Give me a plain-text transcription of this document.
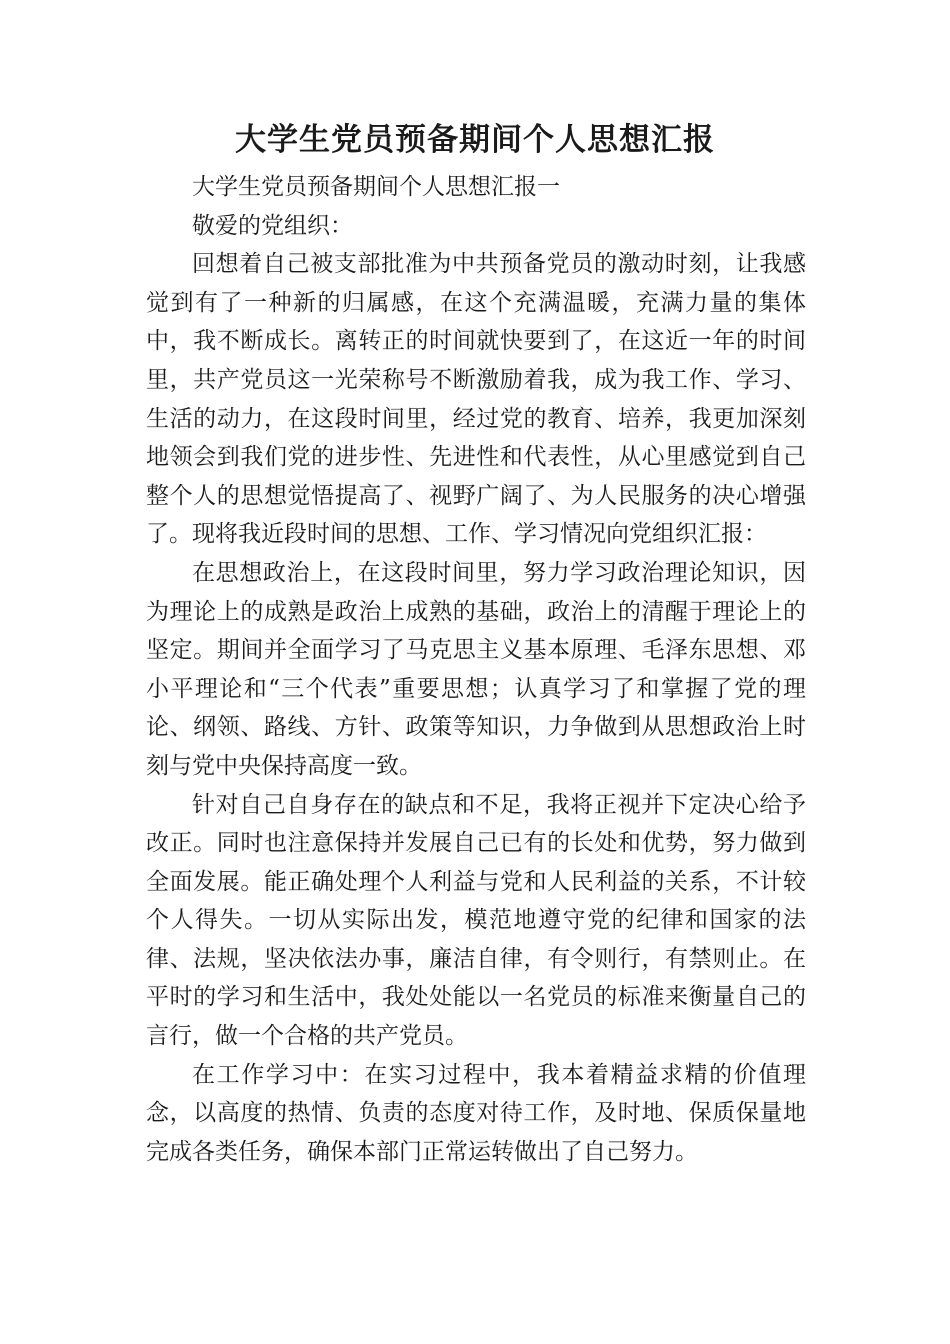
大学生党员预备期间个人思想汇报

大学生党员预备期间个人思想汇报一

敬爱的党组织：

回想着自己被支部批准为中共预备党员的激动时刻，让我感觉到有了一种新的归属感，在这个充满温暖，充满力量的集体中，我不断成长。离转正的时间就快要到了，在这近一年的时间里，共产党员这一光荣称号不断激励着我，成为我工作、学习、生活的动力，在这段时间里，经过党的教育、培养，我更加深刻地领会到我们党的进步性、先进性和代表性，从心里感觉到自己整个人的思想觉悟提高了、视野广阔了、为人民服务的决心增强了。现将我近段时间的思想、工作、学习情况向党组织汇报：

在思想政治上，在这段时间里，努力学习政治理论知识，因为理论上的成熟是政治上成熟的基础，政治上的清醒于理论上的坚定。期间并全面学习了马克思主义基本原理、毛泽东思想、邓小平理论和“三个代表”重要思想；认真学习了和掌握了党的理论、纲领、路线、方针、政策等知识，力争做到从思想政治上时刻与党中央保持高度一致。

针对自己自身存在的缺点和不足，我将正视并下定决心给予改正。同时也注意保持并发展自己已有的长处和优势，努力做到全面发展。能正确处理个人利益与党和人民利益的关系，不计较个人得失。一切从实际出发，模范地遵守党的纪律和国家的法律、法规，坚决依法办事，廉洁自律，有令则行，有禁则止。在平时的学习和生活中，我处处能以一名党员的标准来衡量自己的言行，做一个合格的共产党员。

在工作学习中：在实习过程中，我本着精益求精的价值理念，以高度的热情、负责的态度对待工作，及时地、保质保量地完成各类任务，确保本部门正常运转做出了自己努力。
